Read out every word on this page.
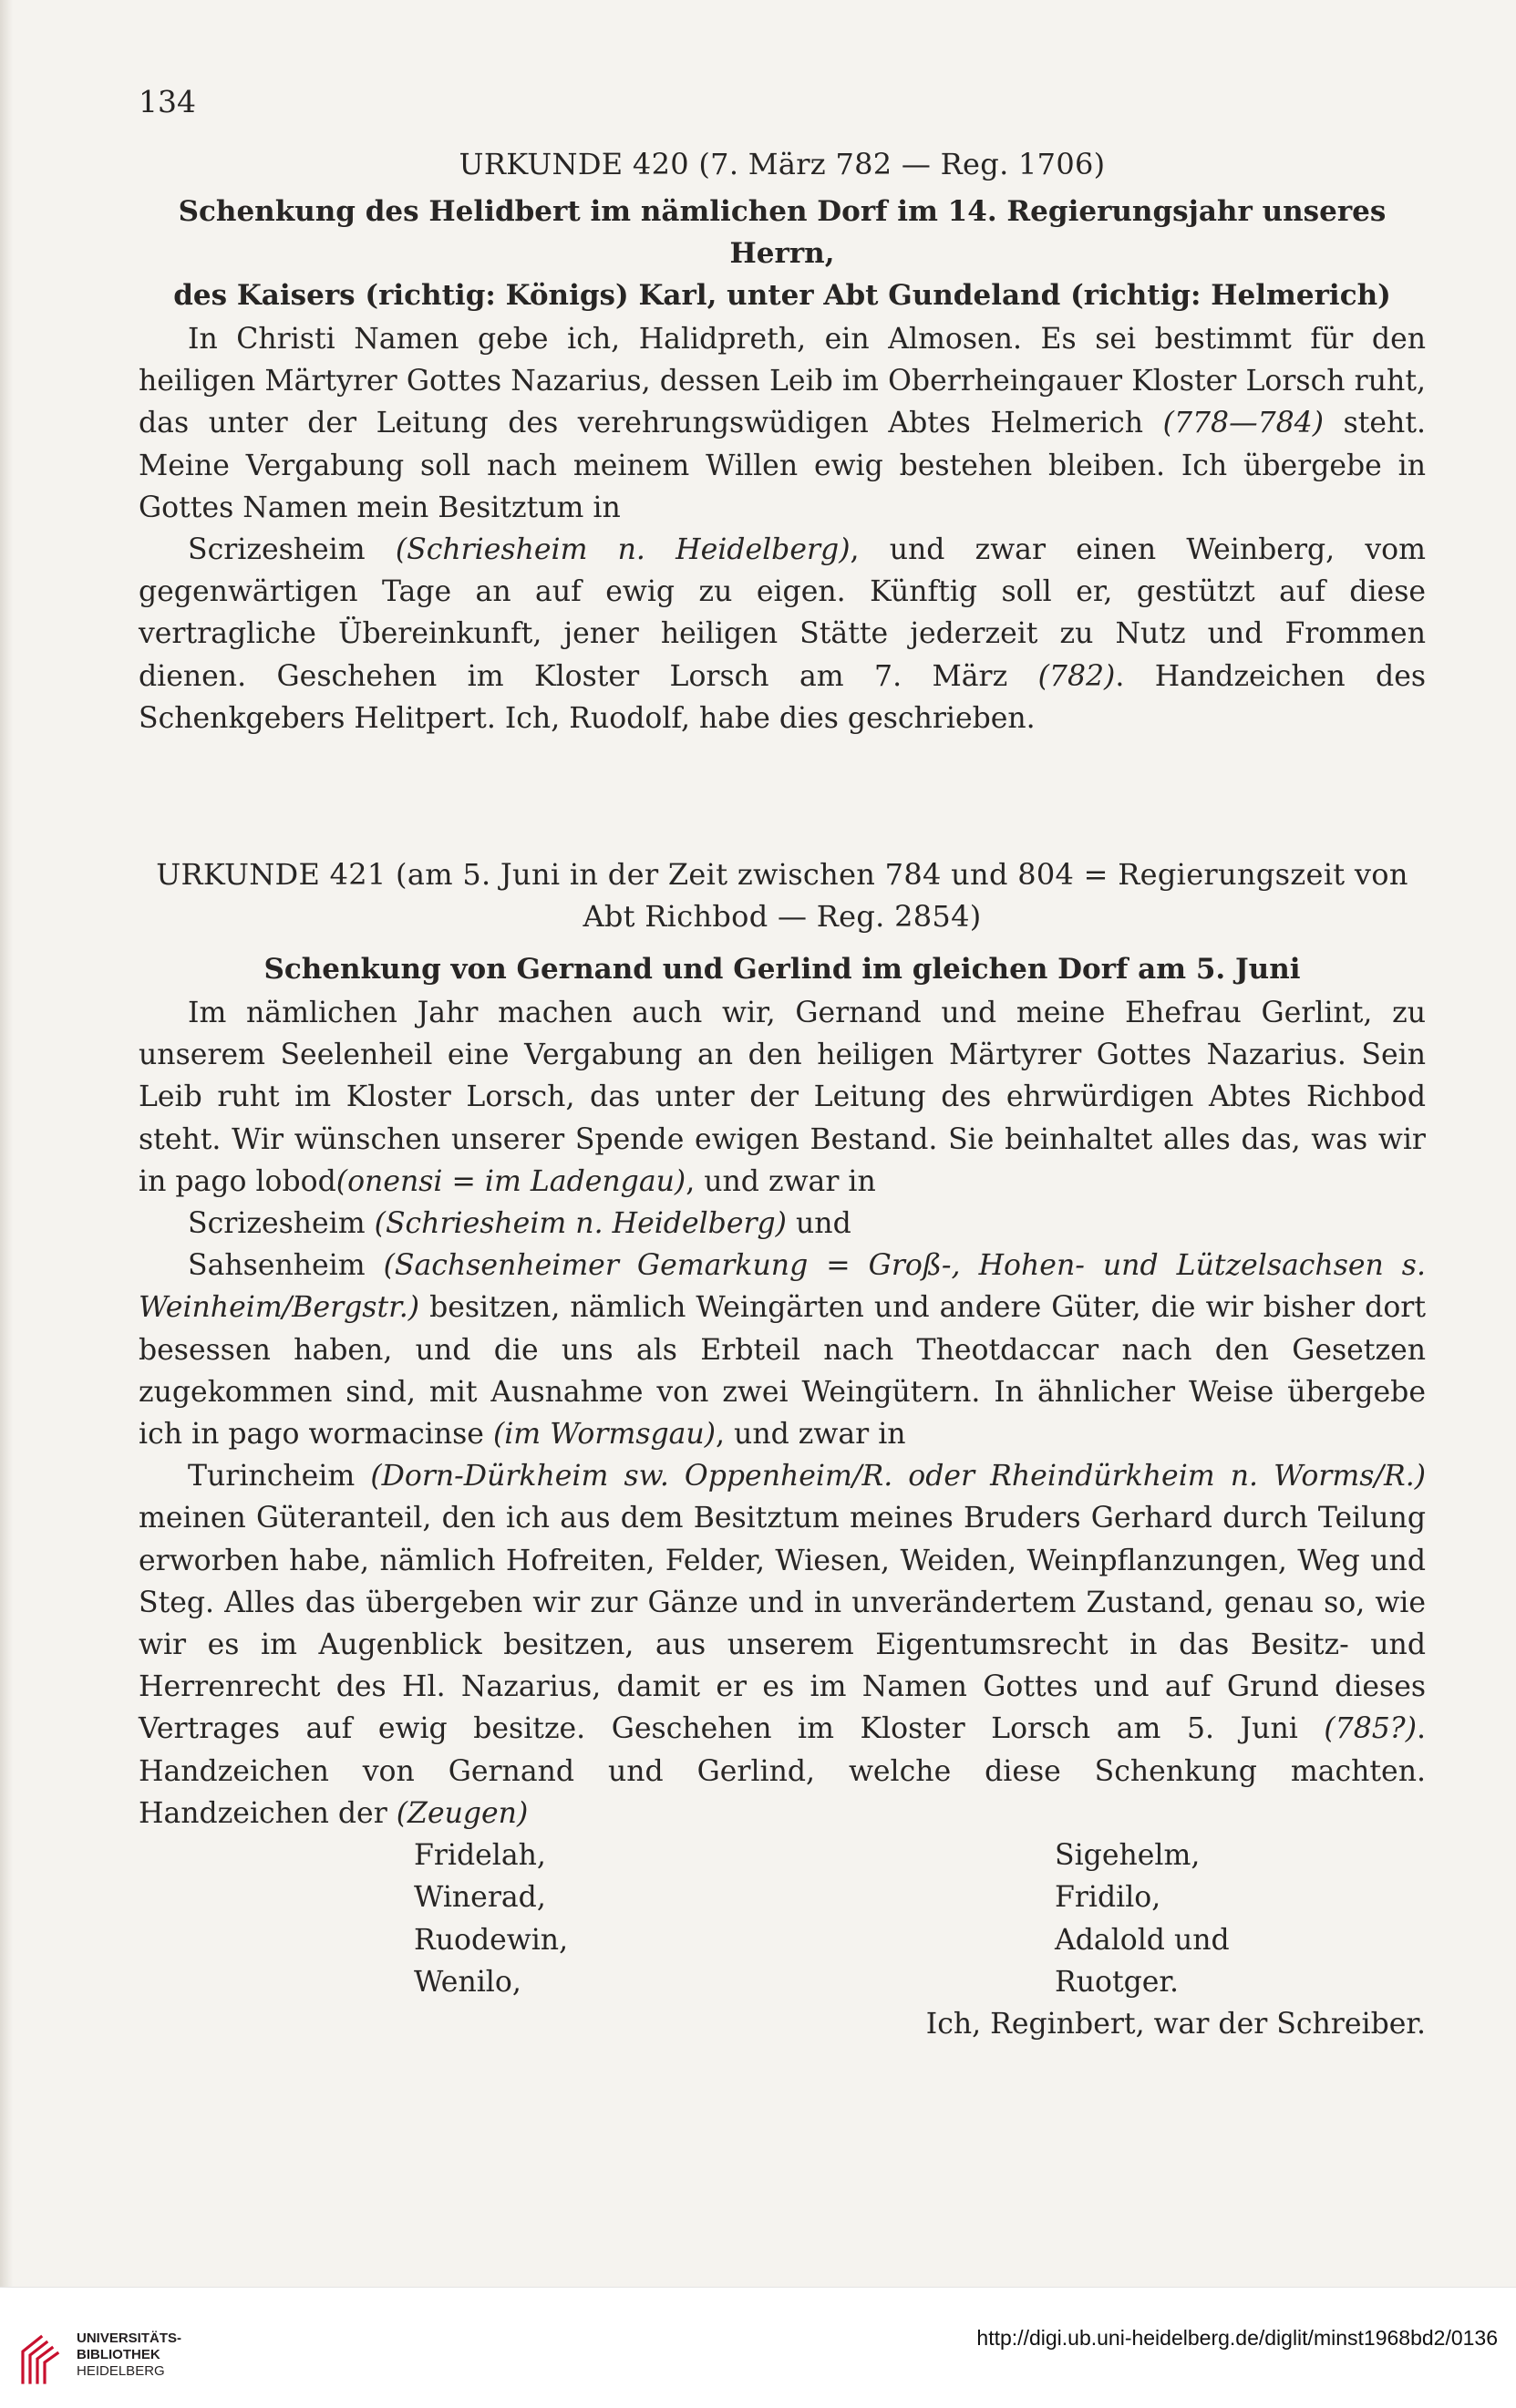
134
URKUNDE 420 (7. März 782 — Reg. 1706)
Schenkung des Helidbert im nämlichen Dorf im 14. Regierungsjahr unseres Herrn,
des Kaisers (richtig: Königs) Karl, unter Abt Gundeland (richtig: Helmerich)

In Christi Namen gebe ich, Halidpreth, ein Almosen. Es sei bestimmt für den heiligen Märtyrer Gottes Nazarius, dessen Leib im Oberrheingauer Kloster Lorsch ruht, das unter der Leitung des verehrungswüdigen Abtes Helmerich (778—784) steht. Meine Vergabung soll nach meinem Willen ewig bestehen bleiben. Ich übergebe in Gottes Namen mein Besitztum in

Scrizesheim (Schriesheim n. Heidelberg), und zwar einen Weinberg, vom gegenwärtigen Tage an auf ewig zu eigen. Künftig soll er, gestützt auf diese vertragliche Übereinkunft, jener heiligen Stätte jederzeit zu Nutz und Frommen dienen. Geschehen im Kloster Lorsch am 7. März (782). Handzeichen des Schenkgebers Helitpert. Ich, Ruodolf, habe dies geschrieben.

URKUNDE 421 (am 5. Juni in der Zeit zwischen 784 und 804 = Regierungszeit von Abt Richbod — Reg. 2854)
Schenkung von Gernand und Gerlind im gleichen Dorf am 5. Juni

Im nämlichen Jahr machen auch wir, Gernand und meine Ehefrau Gerlint, zu unserem Seelenheil eine Vergabung an den heiligen Märtyrer Gottes Nazarius. Sein Leib ruht im Kloster Lorsch, das unter der Leitung des ehrwürdigen Abtes Richbod steht. Wir wünschen unserer Spende ewigen Bestand. Sie beinhaltet alles das, was wir in pago lobod(onensi = im Ladengau), und zwar in

Scrizesheim (Schriesheim n. Heidelberg) und

Sahsenheim (Sachsenheimer Gemarkung = Groß-, Hohen- und Lützelsachsen s. Weinheim/Bergstr.) besitzen, nämlich Weingärten und andere Güter, die wir bisher dort besessen haben, und die uns als Erbteil nach Theotdaccar nach den Gesetzen zugekommen sind, mit Ausnahme von zwei Weingütern. In ähnlicher Weise übergebe ich in pago wormacinse (im Wormsgau), und zwar in

Turincheim (Dorn-Dürkheim sw. Oppenheim/R. oder Rheindürkheim n. Worms/R.) meinen Güteranteil, den ich aus dem Besitztum meines Bruders Gerhard durch Teilung erworben habe, nämlich Hofreiten, Felder, Wiesen, Weiden, Weinpflanzungen, Weg und Steg. Alles das übergeben wir zur Gänze und in unverändertem Zustand, genau so, wie wir es im Augenblick besitzen, aus unserem Eigentumsrecht in das Besitz- und Herrenrecht des Hl. Nazarius, damit er es im Namen Gottes und auf Grund dieses Vertrages auf ewig besitze. Geschehen im Kloster Lorsch am 5. Juni (785?). Handzeichen von Gernand und Gerlind, welche diese Schenkung machten. Handzeichen der (Zeugen)

Fridelah,	Sigehelm,
Winerad,	Fridilo,
Ruodewin,	Adalold und
Wenilo,	Ruotger.
Ich, Reginbert, war der Schreiber.
UNIVERSITÄTS-
BIBLIOTHEK
HEIDELBERG
http://digi.ub.uni-heidelberg.de/diglit/minst1968bd2/0136
